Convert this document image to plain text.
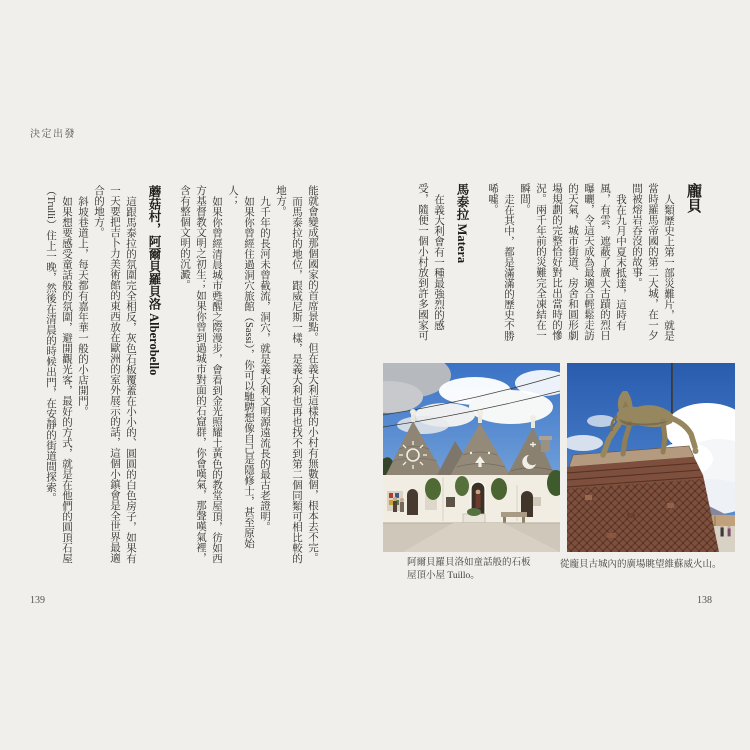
決定出發
龐貝

人類歷史上第一部災難片，就是當時羅馬帝國的第二大城，在一夕間被熔岩吞沒的故事。

我在九月中夏末抵達，這時有風，有雲，遮蔽了廣大古蹟的烈日曝曬，令這天成為最適合輕鬆走訪的天氣，城市街道、房舍和圓形劇場規劃的完整恰好對比出當時的慘況。兩千年前的災難完全凍結在一瞬間。

走在其中，都是滿滿的歷史不勝唏噓。

馬泰拉 Matera

在義大利會有一種最強烈的感受，隨便一個小村放到許多國家可

能就會變成那個國家的首席景點。但在義大利這樣的小村有無數個，根本去不完。

而馬泰拉的地位，跟威尼斯一樣，是義大利也再也找不到第二個同類可相比較的地方。

九千年的長河未曾截流，洞穴，就是義大利文明源遠流長的最古老證明。

如果你曾經住過洞穴旅館（Sassi），你可以馳騁想像自己是隱修士，甚至原始人；

如果你曾經清晨城市甦醒之際漫步，會看到金光照耀土黃色的教堂屋頂，彷如西方基督教文明之初生；如果你曾到過城市對面的石窟群，你會嘆氣，那聲嘆氣裡，含有整個文明的沉澱。

蘑菇村，阿爾貝羅貝洛 Alberobello

這跟馬泰拉的氛圍完全相反，灰色石板覆蓋在小小的、圓圓的白色房子，如果有一天要把吉卜力美術館的東西放在歐洲的室外展示的話，這個小鎮會是全世界最適合的地方。

斜坡巷道上，每天都有嘉年華一般的小店開門。

如果想要感受童話般的氛圍，避開觀光客，最好的方式，就是在他們的圓頂石屋（Trulli）住上一晚，然後在清晨的時候出門，在安靜的街道間探索。

阿爾貝羅貝洛如童話般的石板屋頂小屋 Tuillo。
從龐貝古城內的廣場眺望維蘇威火山。
139	138
